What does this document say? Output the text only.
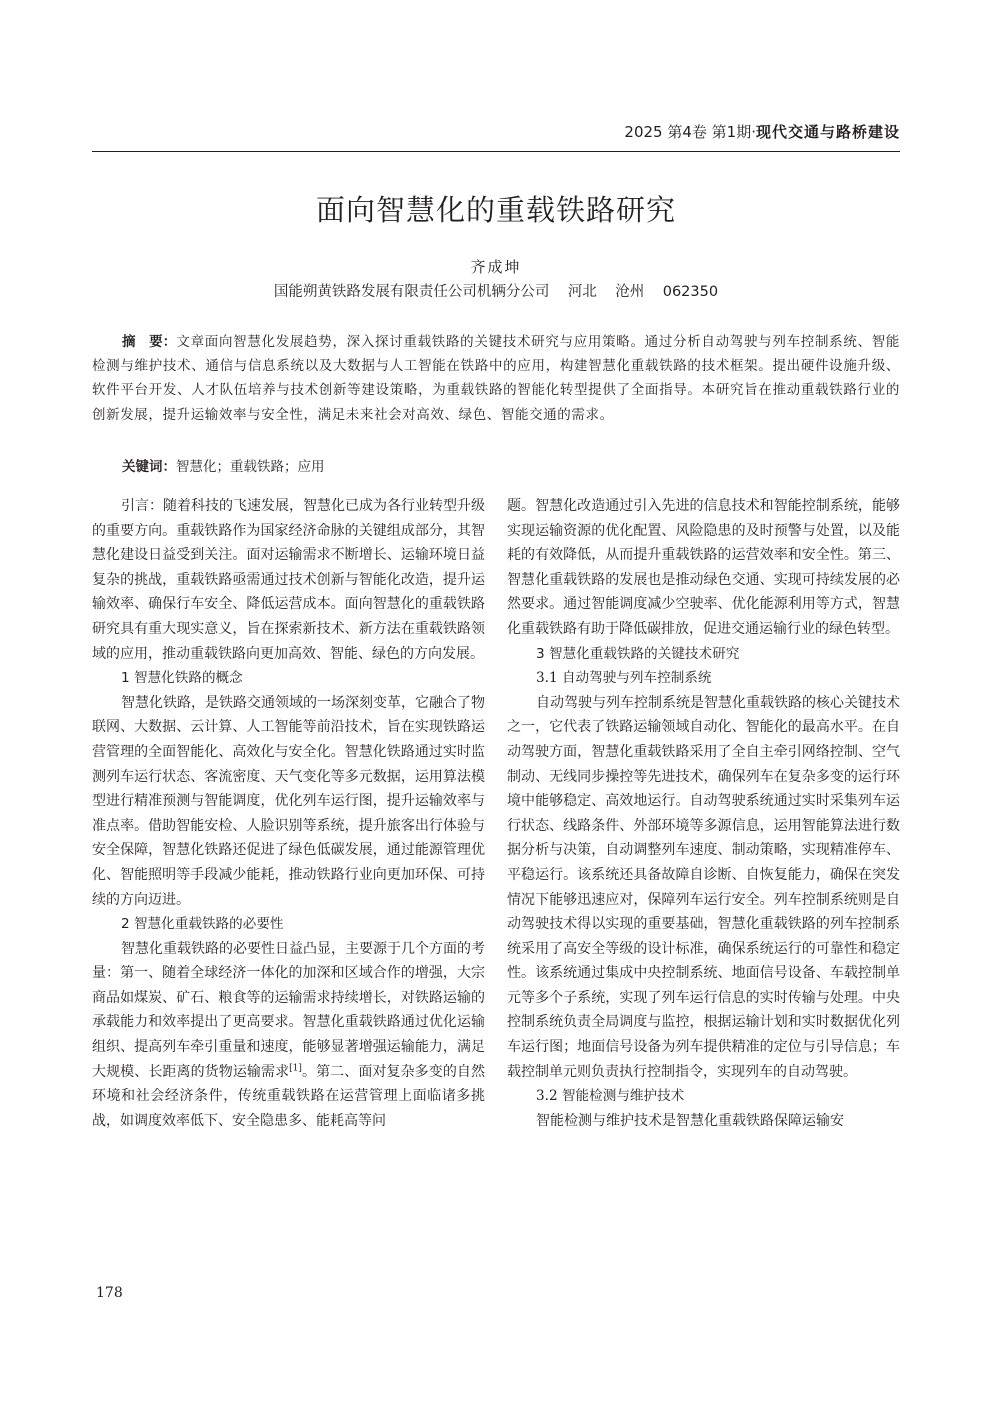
2025 第4卷 第1期·现代交通与路桥建设
面向智慧化的重载铁路研究
齐成坤
国能朔黄铁路发展有限责任公司机辆分公司    河北    沧州    062350
摘　要：文章面向智慧化发展趋势，深入探讨重载铁路的关键技术研究与应用策略。通过分析自动驾驶与列车控制系统、智能检测与维护技术、通信与信息系统以及大数据与人工智能在铁路中的应用，构建智慧化重载铁路的技术框架。提出硬件设施升级、软件平台开发、人才队伍培养与技术创新等建设策略，为重载铁路的智能化转型提供了全面指导。本研究旨在推动重载铁路行业的创新发展，提升运输效率与安全性，满足未来社会对高效、绿色、智能交通的需求。
关键词：智慧化；重载铁路；应用

引言：随着科技的飞速发展，智慧化已成为各行业转型升级的重要方向。重载铁路作为国家经济命脉的关键组成部分，其智慧化建设日益受到关注。面对运输需求不断增长、运输环境日益复杂的挑战，重载铁路亟需通过技术创新与智能化改造，提升运输效率、确保行车安全、降低运营成本。面向智慧化的重载铁路研究具有重大现实意义，旨在探索新技术、新方法在重载铁路领域的应用，推动重载铁路向更加高效、智能、绿色的方向发展。

1 智慧化铁路的概念

智慧化铁路，是铁路交通领域的一场深刻变革，它融合了物联网、大数据、云计算、人工智能等前沿技术，旨在实现铁路运营管理的全面智能化、高效化与安全化。智慧化铁路通过实时监测列车运行状态、客流密度、天气变化等多元数据，运用算法模型进行精准预测与智能调度，优化列车运行图，提升运输效率与准点率。借助智能安检、人脸识别等系统，提升旅客出行体验与安全保障，智慧化铁路还促进了绿色低碳发展，通过能源管理优化、智能照明等手段减少能耗，推动铁路行业向更加环保、可持续的方向迈进。

2 智慧化重载铁路的必要性

智慧化重载铁路的必要性日益凸显，主要源于几个方面的考量：第一、随着全球经济一体化的加深和区域合作的增强，大宗商品如煤炭、矿石、粮食等的运输需求持续增长，对铁路运输的承载能力和效率提出了更高要求。智慧化重载铁路通过优化运输组织、提高列车牵引重量和速度，能够显著增强运输能力，满足大规模、长距离的货物运输需求[1]。第二、面对复杂多变的自然环境和社会经济条件，传统重载铁路在运营管理上面临诸多挑战，如调度效率低下、安全隐患多、能耗高等问

题。智慧化改造通过引入先进的信息技术和智能控制系统，能够实现运输资源的优化配置、风险隐患的及时预警与处置，以及能耗的有效降低，从而提升重载铁路的运营效率和安全性。第三、智慧化重载铁路的发展也是推动绿色交通、实现可持续发展的必然要求。通过智能调度减少空驶率、优化能源利用等方式，智慧化重载铁路有助于降低碳排放，促进交通运输行业的绿色转型。

3 智慧化重载铁路的关键技术研究
3.1 自动驾驶与列车控制系统

自动驾驶与列车控制系统是智慧化重载铁路的核心关键技术之一，它代表了铁路运输领域自动化、智能化的最高水平。在自动驾驶方面，智慧化重载铁路采用了全自主牵引网络控制、空气制动、无线同步操控等先进技术，确保列车在复杂多变的运行环境中能够稳定、高效地运行。自动驾驶系统通过实时采集列车运行状态、线路条件、外部环境等多源信息，运用智能算法进行数据分析与决策，自动调整列车速度、制动策略，实现精准停车、平稳运行。该系统还具备故障自诊断、自恢复能力，确保在突发情况下能够迅速应对，保障列车运行安全。列车控制系统则是自动驾驶技术得以实现的重要基础，智慧化重载铁路的列车控制系统采用了高安全等级的设计标准，确保系统运行的可靠性和稳定性。该系统通过集成中央控制系统、地面信号设备、车载控制单元等多个子系统，实现了列车运行信息的实时传输与处理。中央控制系统负责全局调度与监控，根据运输计划和实时数据优化列车运行图；地面信号设备为列车提供精准的定位与引导信息；车载控制单元则负责执行控制指令，实现列车的自动驾驶。

3.2 智能检测与维护技术

智能检测与维护技术是智慧化重载铁路保障运输安

178
